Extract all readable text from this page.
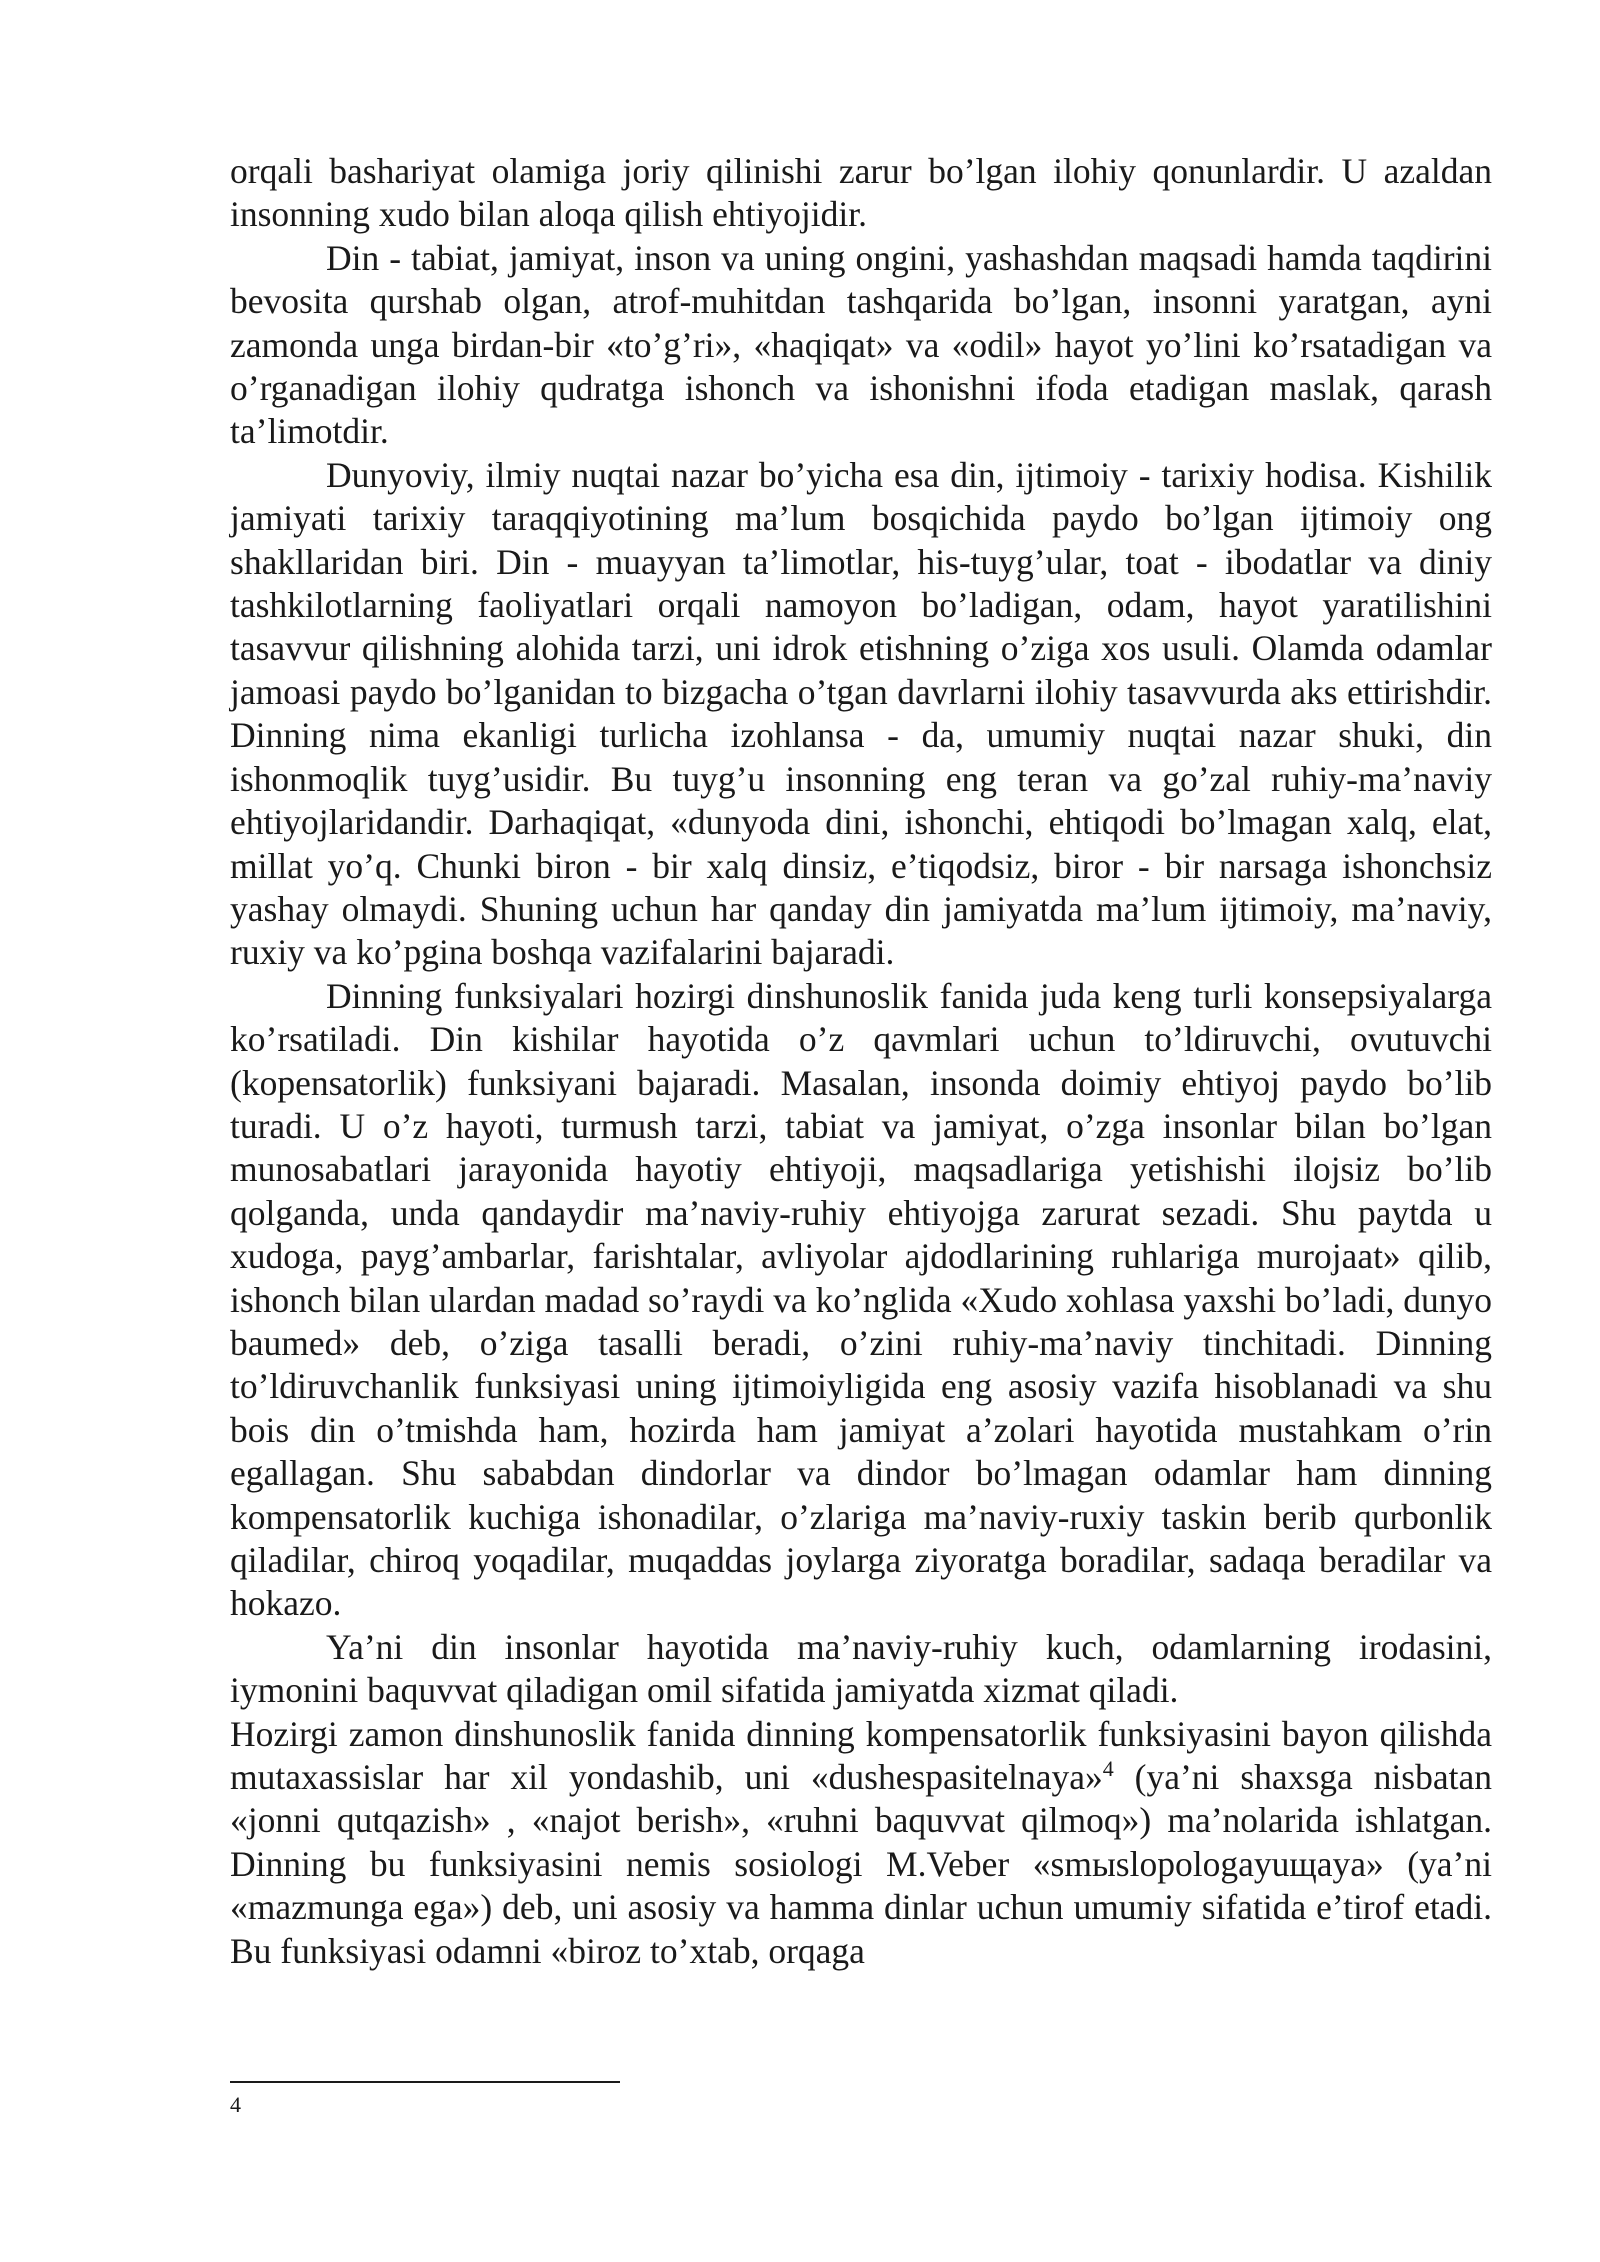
orqali bashariyat olamiga joriy qilinishi zarur bo’lgan ilohiy qonunlardir. U azaldan insonning xudo bilan aloqa qilish ehtiyojidir.

Din - tabiat, jamiyat, inson va uning ongini, yashashdan maqsadi hamda taqdirini bevosita qurshab olgan, atrof-muhitdan tashqarida bo’lgan, insonni yaratgan, ayni zamonda unga birdan-bir «to’g’ri», «haqiqat» va «odil» hayot yo’lini ko’rsatadigan va o’rganadigan ilohiy qudratga ishonch va ishonishni ifoda etadigan maslak, qarash ta’limotdir.

Dunyoviy, ilmiy nuqtai nazar bo’yicha esa din, ijtimoiy - tarixiy hodisa. Kishilik jamiyati tarixiy taraqqiyotining ma’lum bosqichida paydo bo’lgan ijtimoiy ong shakllaridan biri. Din - muayyan ta’limotlar, his-tuyg’ular, toat - ibodatlar va diniy tashkilotlarning faoliyatlari orqali namoyon bo’ladigan, odam, hayot yaratilishini tasavvur qilishning alohida tarzi, uni idrok etishning o’ziga xos usuli. Olamda odamlar jamoasi paydo bo’lganidan to bizgacha o’tgan davrlarni ilohiy tasavvurda aks ettirishdir. Dinning nima ekanligi turlicha izohlansa - da, umumiy nuqtai nazar shuki, din ishonmoqlik tuyg’usidir. Bu tuyg’u insonning eng teran va go’zal ruhiy-ma’naviy ehtiyojlaridandir. Darhaqiqat, «dunyoda dini, ishonchi, ehtiqodi bo’lmagan xalq, elat, millat yo’q. Chunki biron - bir xalq dinsiz, e’tiqodsiz, biror - bir narsaga ishonchsiz yashay olmaydi. Shuning uchun har qanday din jamiyatda ma’lum ijtimoiy, ma’naviy, ruxiy va ko’pgina boshqa vazifalarini bajaradi.

Dinning funksiyalari hozirgi dinshunoslik fanida juda keng turli konsepsiyalarga ko’rsatiladi. Din kishilar hayotida o’z qavmlari uchun to’ldiruvchi, ovutuvchi (kopensatorlik) funksiyani bajaradi. Masalan, insonda doimiy ehtiyoj paydo bo’lib turadi. U o’z hayoti, turmush tarzi, tabiat va jamiyat, o’zga insonlar bilan bo’lgan munosabatlari jarayonida hayotiy ehtiyoji, maqsadlariga yetishishi ilojsiz bo’lib qolganda, unda qandaydir ma’naviy-ruhiy ehtiyojga zarurat sezadi. Shu paytda u xudoga, payg’ambarlar, farishtalar, avliyolar ajdodlarining ruhlariga murojaat» qilib, ishonch bilan ulardan madad so’raydi va ko’nglida «Xudo xohlasa yaxshi bo’ladi, dunyo baumed» deb, o’ziga tasalli beradi, o’zini ruhiy-ma’naviy tinchitadi. Dinning to’ldiruvchanlik funksiyasi uning ijtimoiyligida eng asosiy vazifa hisoblanadi va shu bois din o’tmishda ham, hozirda ham jamiyat a’zolari hayotida mustahkam o’rin egallagan. Shu sababdan dindorlar va dindor bo’lmagan odamlar ham dinning kompensatorlik kuchiga ishonadilar, o’zlariga ma’naviy-ruxiy taskin berib qurbonlik qiladilar, chiroq yoqadilar, muqaddas joylarga ziyoratga boradilar, sadaqa beradilar va hokazo.

Ya’ni din insonlar hayotida ma’naviy-ruhiy kuch, odamlarning irodasini, iymonini baquvvat qiladigan omil sifatida jamiyatda xizmat qiladi.

Hozirgi zamon dinshunoslik fanida dinning kompensatorlik funksiyasini bayon qilishda mutaxassislar har xil yondashib, uni «dushespasitelnaya»$^4$ (ya’ni shaxsga nisbatan «jonni qutqazish» , «najot berish», «ruhni baquvvat qilmoq») ma’nolarida ishlatgan. Dinning bu funksiyasini nemis sosiologi M.Veber «smыslopologayuщaya» (ya’ni «mazmunga ega») deb, uni asosiy va hamma dinlar uchun umumiy sifatida e’tirof etadi. Bu funksiyasi odamni «biroz to’xtab, orqaga

4
